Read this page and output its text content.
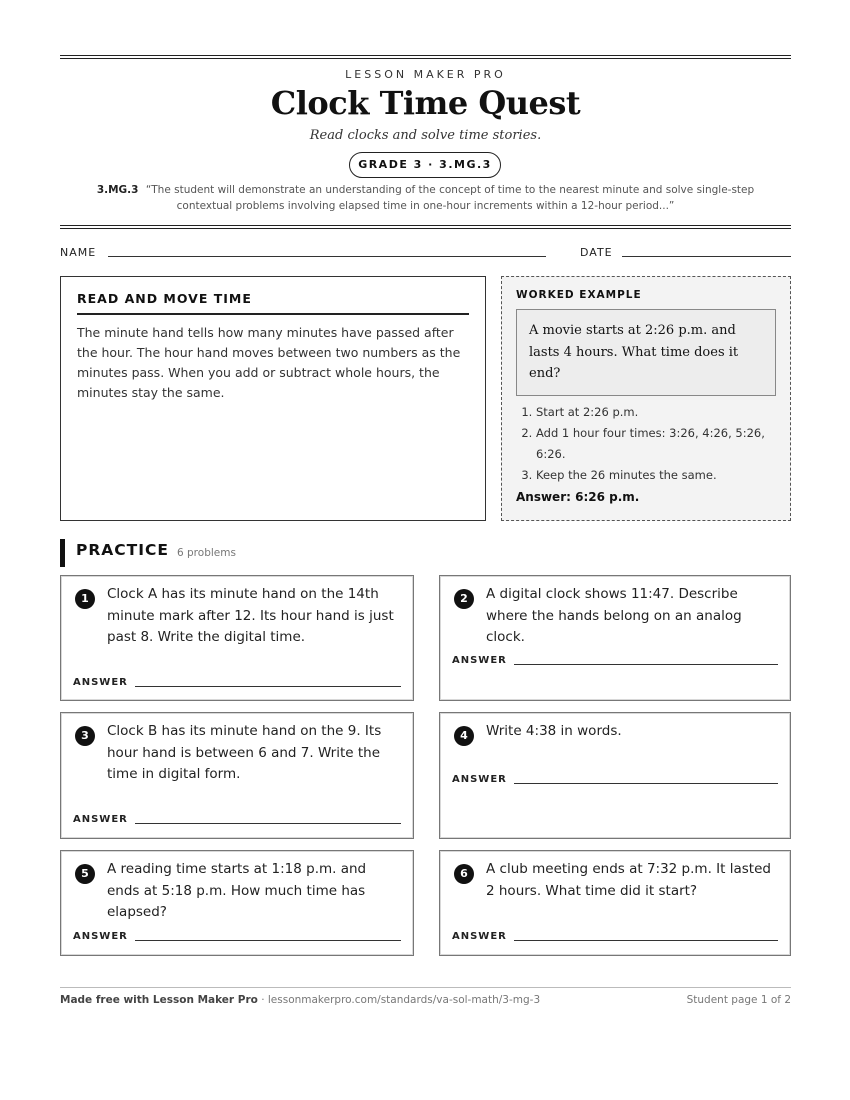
LESSON MAKER PRO
Clock Time Quest
Read clocks and solve time stories.
GRADE 3 · 3.MG.3
3.MG.3 “The student will demonstrate an understanding of the concept of time to the nearest minute and solve single-step contextual problems involving elapsed time in one-hour increments within a 12-hour period...”
NAME	DATE
READ AND MOVE TIME
The minute hand tells how many minutes have passed after the hour. The hour hand moves between two numbers as the minutes pass. When you add or subtract whole hours, the minutes stay the same.
WORKED EXAMPLE
A movie starts at 2:26 p.m. and lasts 4 hours. What time does it end?
1. Start at 2:26 p.m.
2. Add 1 hour four times: 3:26, 4:26, 5:26, 6:26.
3. Keep the 26 minutes the same.
Answer: 6:26 p.m.
PRACTICE 6 problems
1	Clock A has its minute hand on the 14th minute mark after 12. Its hour hand is just past 8. Write the digital time.
ANSWER
2	A digital clock shows 11:47. Describe where the hands belong on an analog clock.
ANSWER
3	Clock B has its minute hand on the 9. Its hour hand is between 6 and 7. Write the time in digital form.
ANSWER
4	Write 4:38 in words.
ANSWER
5	A reading time starts at 1:18 p.m. and ends at 5:18 p.m. How much time has elapsed?
ANSWER
6	A club meeting ends at 7:32 p.m. It lasted 2 hours. What time did it start?
ANSWER
Made free with Lesson Maker Pro · lessonmakerpro.com/standards/va-sol-math/3-mg-3	Student page 1 of 2
